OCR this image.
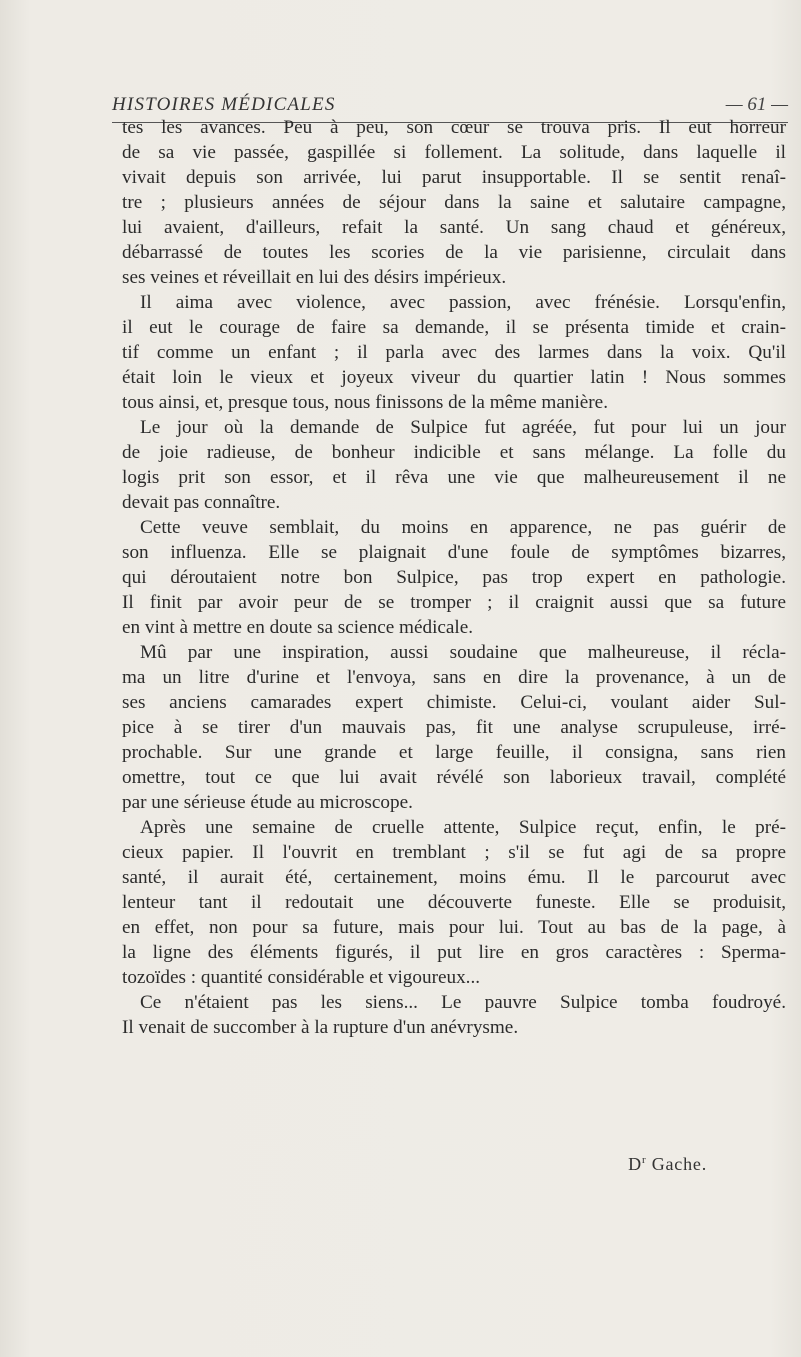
HISTOIRES MÉDICALES	— 61 —
tes les avances. Peu à peu, son cœur se trouva pris. Il eut horreur
de sa vie passée, gaspillée si follement. La solitude, dans laquelle il
vivait depuis son arrivée, lui parut insupportable. Il se sentit renaî-
tre ; plusieurs années de séjour dans la saine et salutaire campagne,
lui avaient, d'ailleurs, refait la santé. Un sang chaud et généreux,
débarrassé de toutes les scories de la vie parisienne, circulait dans
ses veines et réveillait en lui des désirs impérieux.
Il aima avec violence, avec passion, avec frénésie. Lorsqu'enfin,
il eut le courage de faire sa demande, il se présenta timide et crain-
tif comme un enfant ; il parla avec des larmes dans la voix. Qu'il
était loin le vieux et joyeux viveur du quartier latin ! Nous sommes
tous ainsi, et, presque tous, nous finissons de la même manière.
Le jour où la demande de Sulpice fut agréée, fut pour lui un jour
de joie radieuse, de bonheur indicible et sans mélange. La folle du
logis prit son essor, et il rêva une vie que malheureusement il ne
devait pas connaître.
Cette veuve semblait, du moins en apparence, ne pas guérir de
son influenza. Elle se plaignait d'une foule de symptômes bizarres,
qui déroutaient notre bon Sulpice, pas trop expert en pathologie.
Il finit par avoir peur de se tromper ; il craignit aussi que sa future
en vint à mettre en doute sa science médicale.
Mû par une inspiration, aussi soudaine que malheureuse, il récla-
ma un litre d'urine et l'envoya, sans en dire la provenance, à un de
ses anciens camarades expert chimiste. Celui-ci, voulant aider Sul-
pice à se tirer d'un mauvais pas, fit une analyse scrupuleuse, irré-
prochable. Sur une grande et large feuille, il consigna, sans rien
omettre, tout ce que lui avait révélé son laborieux travail, complété
par une sérieuse étude au microscope.
Après une semaine de cruelle attente, Sulpice reçut, enfin, le pré-
cieux papier. Il l'ouvrit en tremblant ; s'il se fut agi de sa propre
santé, il aurait été, certainement, moins ému. Il le parcourut avec
lenteur tant il redoutait une découverte funeste. Elle se produisit,
en effet, non pour sa future, mais pour lui. Tout au bas de la page, à
la ligne des éléments figurés, il put lire en gros caractères : Sperma-
tozoïdes : quantité considérable et vigoureux...
Ce n'étaient pas les siens... Le pauvre Sulpice tomba foudroyé.
Il venait de succomber à la rupture d'un anévrysme.
$D^r$ Gache.
